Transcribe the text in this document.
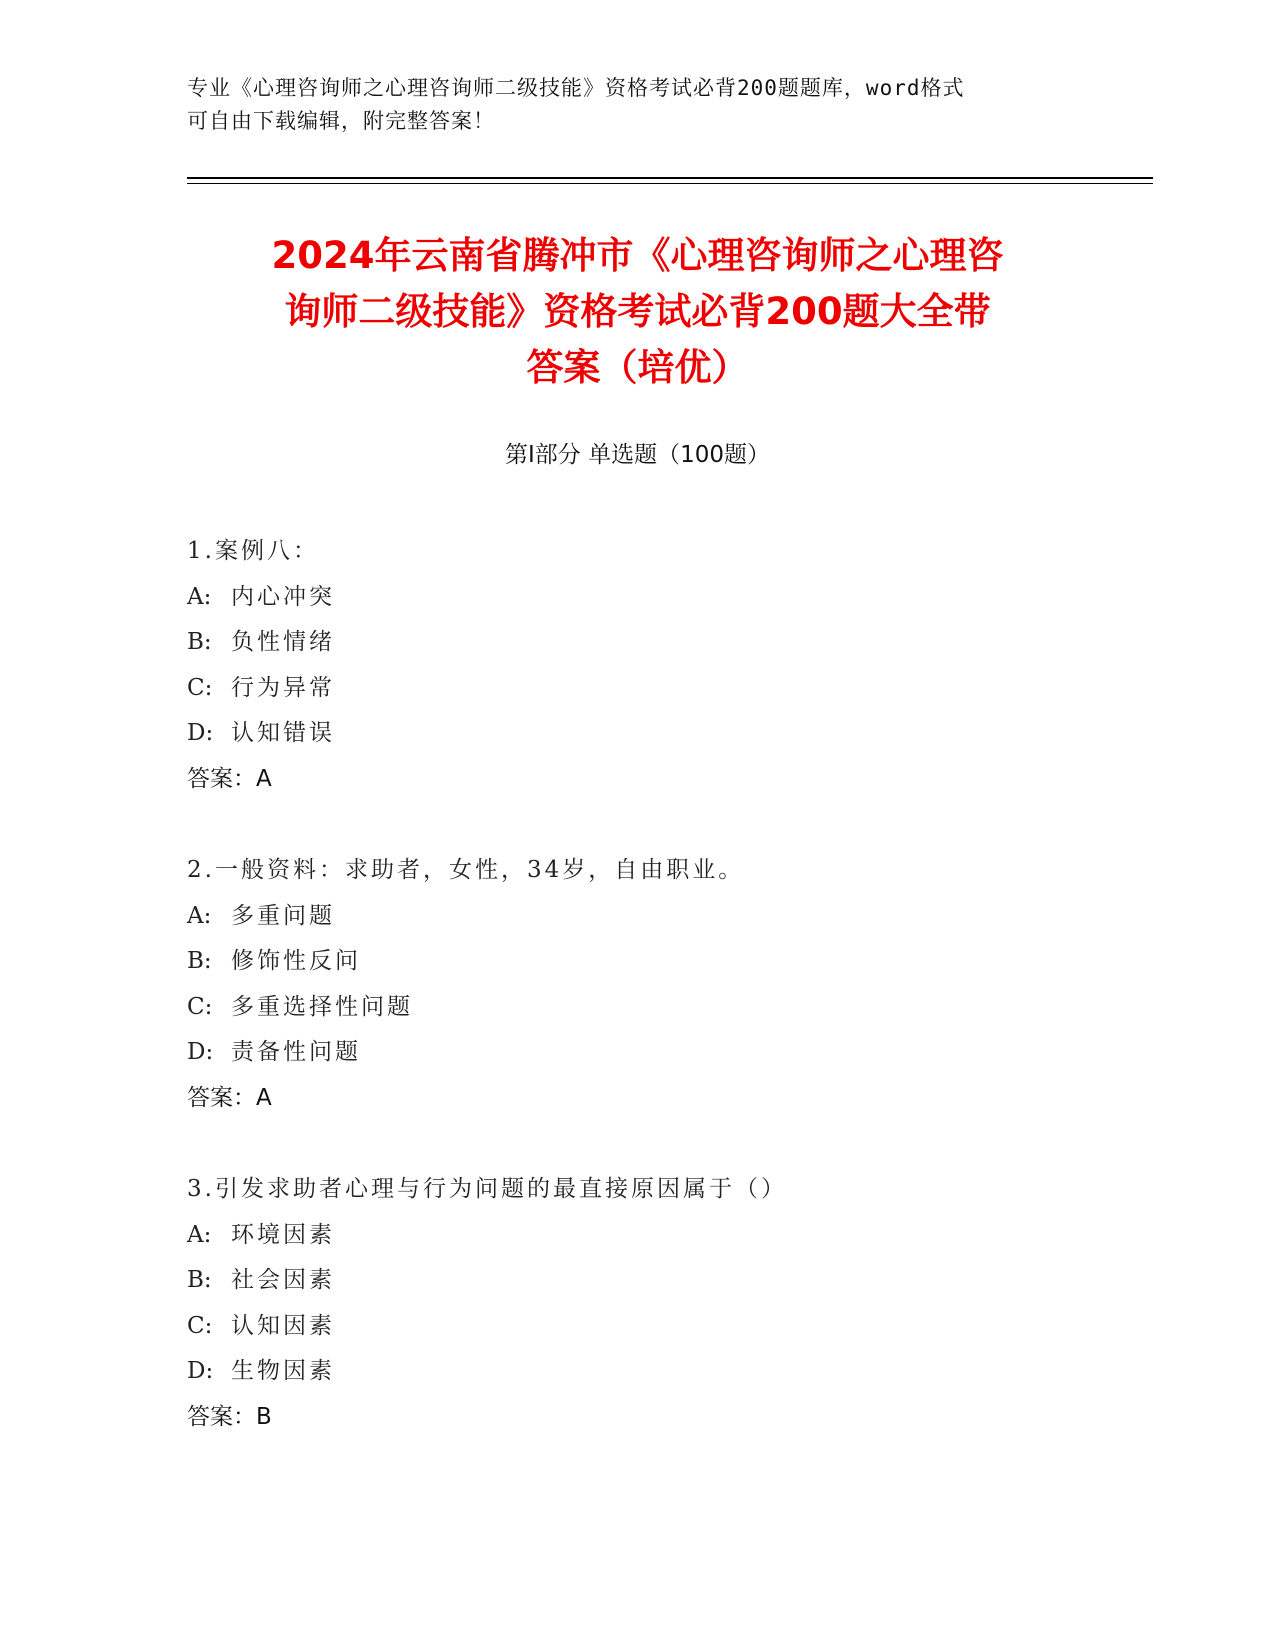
专业《心理咨询师之心理咨询师二级技能》资格考试必背200题题库，word格式
可自由下载编辑，附完整答案！
2024年云南省腾冲市《心理咨询师之心理咨
询师二级技能》资格考试必背200题大全带
答案（培优）
第I部分 单选题（100题）
1.案例八：
A: 内心冲突
B: 负性情绪
C: 行为异常
D: 认知错误
答案：A
2.一般资料：求助者，女性，34岁，自由职业。
A: 多重问题
B: 修饰性反问
C: 多重选择性问题
D: 责备性问题
答案：A
3.引发求助者心理与行为问题的最直接原因属于（）
A: 环境因素
B: 社会因素
C: 认知因素
D: 生物因素
答案：B
